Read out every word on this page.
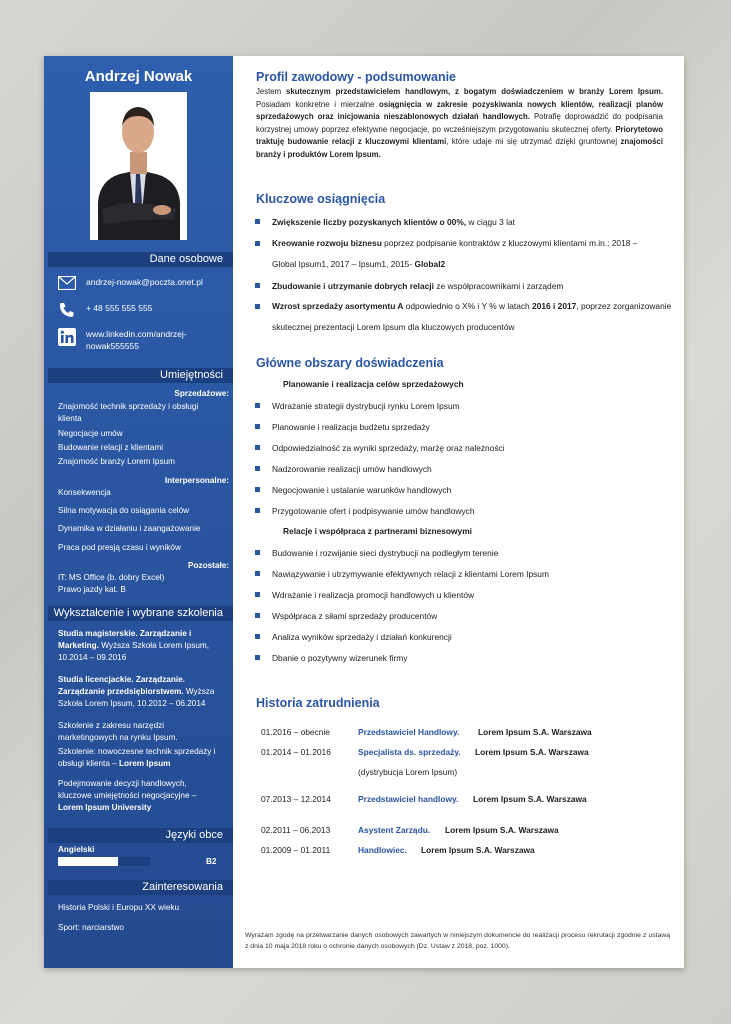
Andrzej Nowak
Dane osobowe
andrzej-nowak@poczta.onet.pl
+ 48 555 555 555
www.linkedin.com/andrzej-nowak555555
Umiejętności
Sprzedażowe:
Znajomość technik sprzedaży i obsługi klienta
Negocjacje umów
Budowanie relacji z klientami
Znajomość branży Lorem Ipsum
Interpersonalne:
Konsekwencja
Silna motywacja do osiągania celów
Dynamika w działaniu i zaangażowanie
Praca pod presją czasu i wyników
Pozostałe:
IT: MS Office (b. dobry Excel)
Prawo jazdy kat. B
Wykształcenie i wybrane szkolenia
Studia magisterskie. Zarządzanie i Marketing. Wyższa Szkoła Lorem Ipsum, 10.2014 – 09.2016
Studia licencjackie. Zarządzanie. Zarządzanie przedsiębiorstwem. Wyższa Szkoła Lorem Ipsum, 10.2012 – 06.2014
Szkolenie z zakresu narzędzi marketingowych na rynku Ipsum.
Szkolenie: nowoczesne technik sprzedaży i obsługi klienta – Lorem Ipsum
Podejmowanie decyzji handlowych, kluczowe umiejętności negocjacyjne – Lorem Ipsum University
Języki obce
Angielski
B2
Zainteresowania
Historia Polski i Europu XX wieku
Sport: narciarstwo
Profil zawodowy - podsumowanie
Jestem skutecznym przedstawicielem handlowym, z bogatym doświadczeniem w branży Lorem Ipsum. Posiadam konkretne i mierzalne osiągnięcia w zakresie pozyskiwania nowych klientów, realizacji planów sprzedażowych oraz inicjowania nieszablonowych działań handlowych. Potrafię doprowadzić do podpisania korzystnej umowy poprzez efektywne negocjacje, po wcześniejszym przygotowaniu skutecznej oferty. Priorytetowo traktuję budowanie relacji z kluczowymi klientami, które udaje mi się utrzymać dzięki gruntownej znajomości branży i produktów Lorem Ipsum.
Kluczowe osiągnięcia
Zwiększenie liczby pozyskanych klientów o 00%, w ciągu 3 lat
Kreowanie rozwoju biznesu poprzez podpisanie kontraktów z kluczowymi klientami m.in.: 2018 – Global Ipsum1, 2017 – Ipsum1, 2015- Global2
Zbudowanie i utrzymanie dobrych relacji ze współpracownikami i zarządem
Wzrost sprzedaży asortymentu A odpowiednio o X% i Y % w latach 2016 i 2017, poprzez zorganizowanie skutecznej prezentacji Lorem Ipsum dla kluczowych producentów
Główne obszary doświadczenia
Planowanie i realizacja celów sprzedażowych
Wdrażanie strategii dystrybucji rynku Lorem Ipsum
Planowanie i realizacja budżetu sprzedaży
Odpowiedzialność za wyniki sprzedaży, marżę oraz należności
Nadzorowanie realizacji umów handlowych
Negocjowanie i ustalanie warunków handlowych
Przygotowanie ofert i podpisywanie umów handlowych
Relacje i współpraca z partnerami biznesowymi
Budowanie i rozwijanie sieci dystrybucji na podległym terenie
Nawiązywanie i utrzymywanie efektywnych relacji z klientami Lorem Ipsum
Wdrażanie i realizacja promocji handlowych u klientów
Współpraca z siłami sprzedaży producentów
Analiza wyników sprzedaży i działań konkurencji
Dbanie o pozytywny wizerunek firmy
Historia zatrudnienia
01.2016 – obecnie	Przedstawiciel Handlowy. Lorem Ipsum S.A. Warszawa
01.2014 – 01.2016	Specjalista ds. sprzedaży. Lorem Ipsum S.A. Warszawa
(dystrybucja Lorem Ipsum)
07.2013 – 12.2014	Przedstawiciel handlowy. Lorem Ipsum S.A. Warszawa
02.2011 – 06.2013	Asystent Zarządu. Lorem Ipsum S.A. Warszawa
01.2009 – 01.2011	Handlowiec. Lorem Ipsum S.A. Warszawa
Wyrażam zgodę na przetwarzanie danych osobowych zawartych w niniejszym dokumencie do realizacji procesu rekrutacji zgodnie z ustawą z dnia 10 maja 2018 roku o ochronie danych osobowych (Dz. Ustaw z 2018, poz. 1000).
